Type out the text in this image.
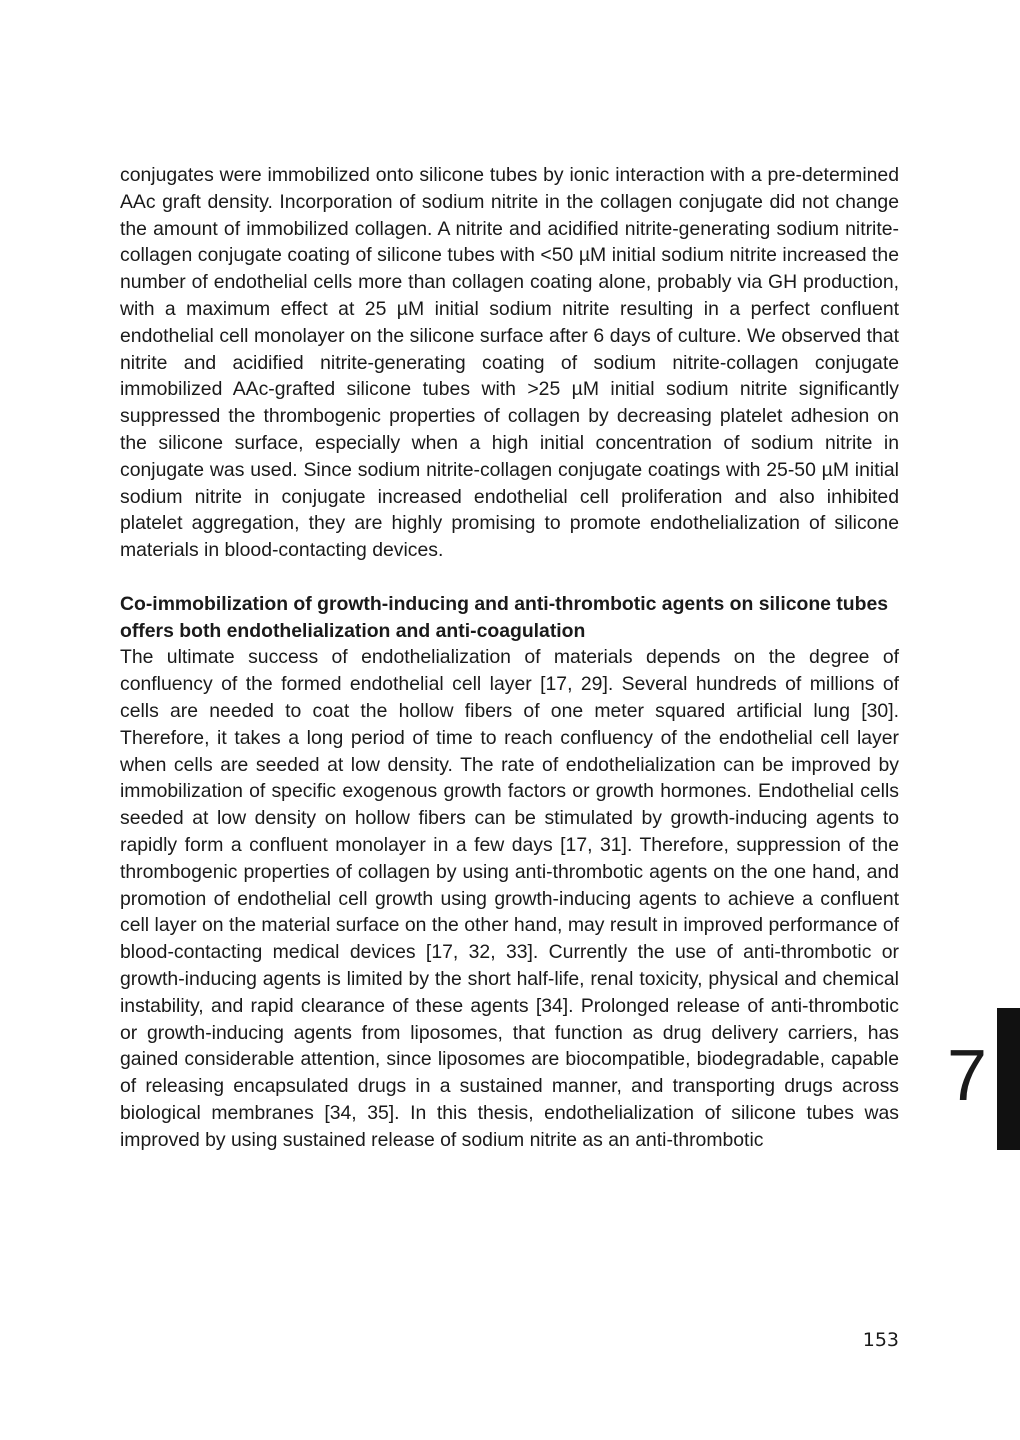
conjugates were immobilized onto silicone tubes by ionic interaction with a pre-determined AAc graft density. Incorporation of sodium nitrite in the collagen conjugate did not change the amount of immobilized collagen. A nitrite and acidified nitrite-generating sodium nitrite-collagen conjugate coating of silicone tubes with <50 µM initial sodium nitrite increased the number of endothelial cells more than collagen coating alone, probably via GH production, with a maximum effect at 25 µM initial sodium nitrite resulting in a perfect confluent endothelial cell monolayer on the silicone surface after 6 days of culture. We observed that nitrite and acidified nitrite-generating coating of sodium nitrite-collagen conjugate immobilized AAc-grafted silicone tubes with >25 µM initial sodium nitrite significantly suppressed the thrombogenic properties of collagen by decreasing platelet adhesion on the silicone surface, especially when a high initial concentration of sodium nitrite in conjugate was used. Since sodium nitrite-collagen conjugate coatings with 25-50 µM initial sodium nitrite in conjugate increased endothelial cell proliferation and also inhibited platelet aggregation, they are highly promising to promote endothelialization of silicone materials in blood-contacting devices.

Co-immobilization of growth-inducing and anti-thrombotic agents on silicone tubes offers both endothelialization and anti-coagulation

The ultimate success of endothelialization of materials depends on the degree of confluency of the formed endothelial cell layer [17, 29]. Several hundreds of millions of cells are needed to coat the hollow fibers of one meter squared artificial lung [30]. Therefore, it takes a long period of time to reach confluency of the endothelial cell layer when cells are seeded at low density. The rate of endothelialization can be improved by immobilization of specific exogenous growth factors or growth hormones. Endothelial cells seeded at low density on hollow fibers can be stimulated by growth-inducing agents to rapidly form a confluent monolayer in a few days [17, 31]. Therefore, suppression of the thrombogenic properties of collagen by using anti-thrombotic agents on the one hand, and promotion of endothelial cell growth using growth-inducing agents to achieve a confluent cell layer on the material surface on the other hand, may result in improved performance of blood-contacting medical devices [17, 32, 33]. Currently the use of anti-thrombotic or growth-inducing agents is limited by the short half-life, renal toxicity, physical and chemical instability, and rapid clearance of these agents [34]. Prolonged release of anti-thrombotic or growth-inducing agents from liposomes, that function as drug delivery carriers, has gained considerable attention, since liposomes are biocompatible, biodegradable, capable of releasing encapsulated drugs in a sustained manner, and transporting drugs across biological membranes [34, 35]. In this thesis, endothelialization of silicone tubes was improved by using sustained release of sodium nitrite as an anti-thrombotic

7
153
